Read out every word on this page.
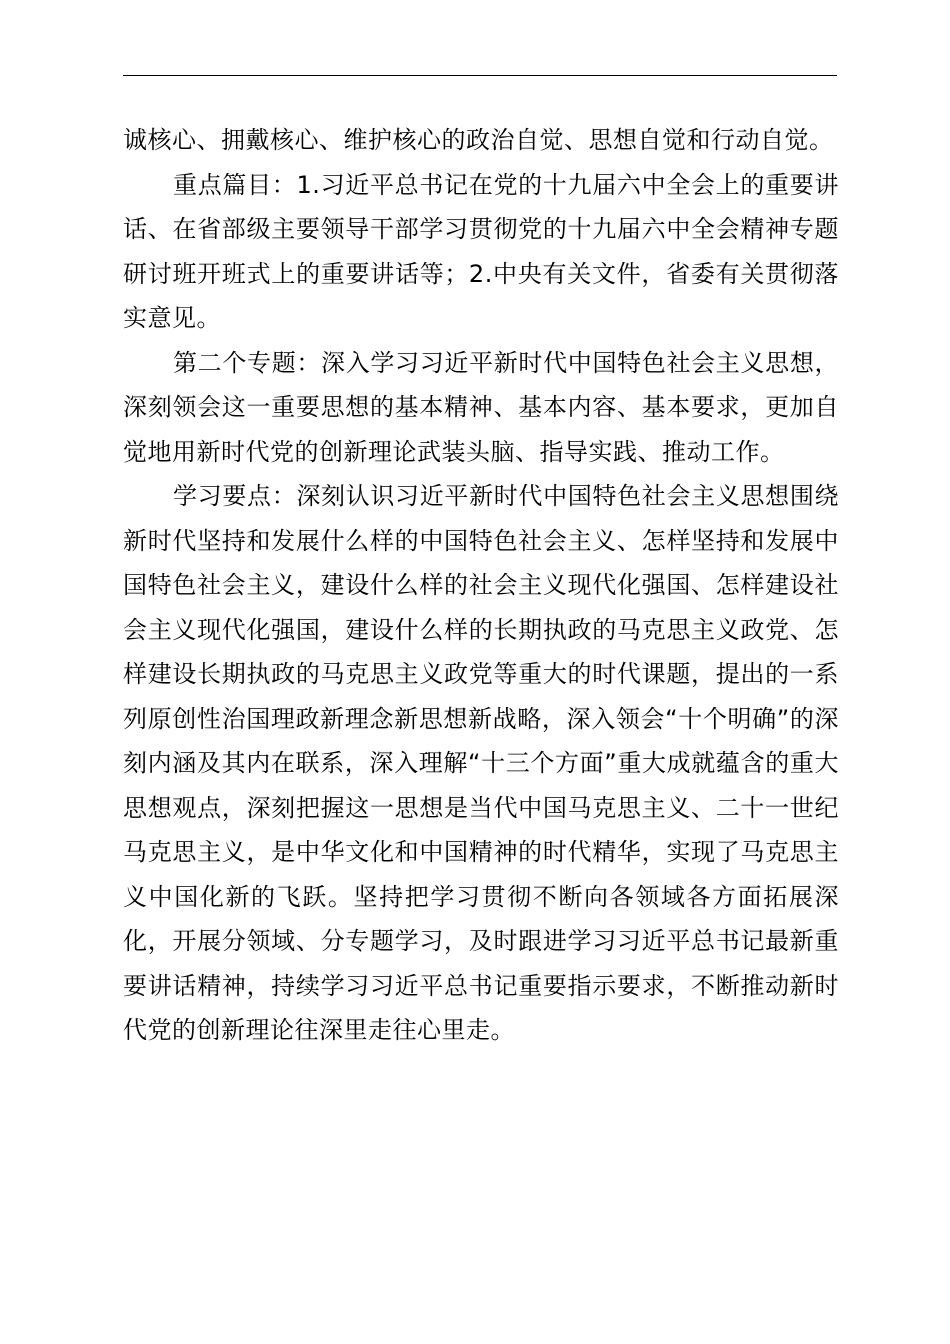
诚核心、拥戴核心、维护核心的政治自觉、思想自觉和行动自觉。

重点篇目：1.习近平总书记在党的十九届六中全会上的重要讲话、在省部级主要领导干部学习贯彻党的十九届六中全会精神专题研讨班开班式上的重要讲话等；2.中央有关文件，省委有关贯彻落实意见。

第二个专题：深入学习习近平新时代中国特色社会主义思想，深刻领会这一重要思想的基本精神、基本内容、基本要求，更加自觉地用新时代党的创新理论武装头脑、指导实践、推动工作。

学习要点：深刻认识习近平新时代中国特色社会主义思想围绕新时代坚持和发展什么样的中国特色社会主义、怎样坚持和发展中国特色社会主义，建设什么样的社会主义现代化强国、怎样建设社会主义现代化强国，建设什么样的长期执政的马克思主义政党、怎样建设长期执政的马克思主义政党等重大的时代课题，提出的一系列原创性治国理政新理念新思想新战略，深入领会“十个明确”的深刻内涵及其内在联系，深入理解“十三个方面”重大成就蕴含的重大思想观点，深刻把握这一思想是当代中国马克思主义、二十一世纪马克思主义，是中华文化和中国精神的时代精华，实现了马克思主义中国化新的飞跃。坚持把学习贯彻不断向各领域各方面拓展深化，开展分领域、分专题学习，及时跟进学习习近平总书记最新重要讲话精神，持续学习习近平总书记重要指示要求，不断推动新时代党的创新理论往深里走往心里走。
